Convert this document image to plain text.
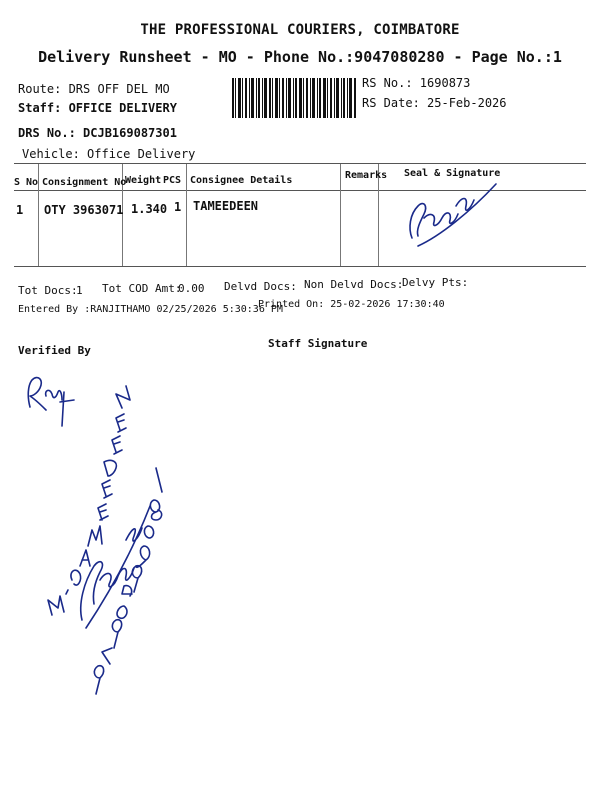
THE PROFESSIONAL COURIERS, COIMBATORE
Delivery Runsheet - MO - Phone No.:9047080280 - Page No.:1
Route: DRS OFF DEL MO
Staff: OFFICE DELIVERY
DRS No.: DCJB169087301
Vehicle: Office Delivery
RS No.: 1690873
RS Date: 25-Feb-2026
S No Consignment No
Weight PCS Consignee Details	Remarks Seal & Signature
1 OTY 3963071 1.340 1 TAMEEDEEN
Tot Docs:
1 Tot COD Amt:
0.00 Delvd Docs: Non Delvd Docs:
Delvy Pts:
Entered By :RANJITHAMO 02/25/2026 5:30:36 PM
Printed On: 25-02-2026 17:30:40
Verified By
Staff Signature
